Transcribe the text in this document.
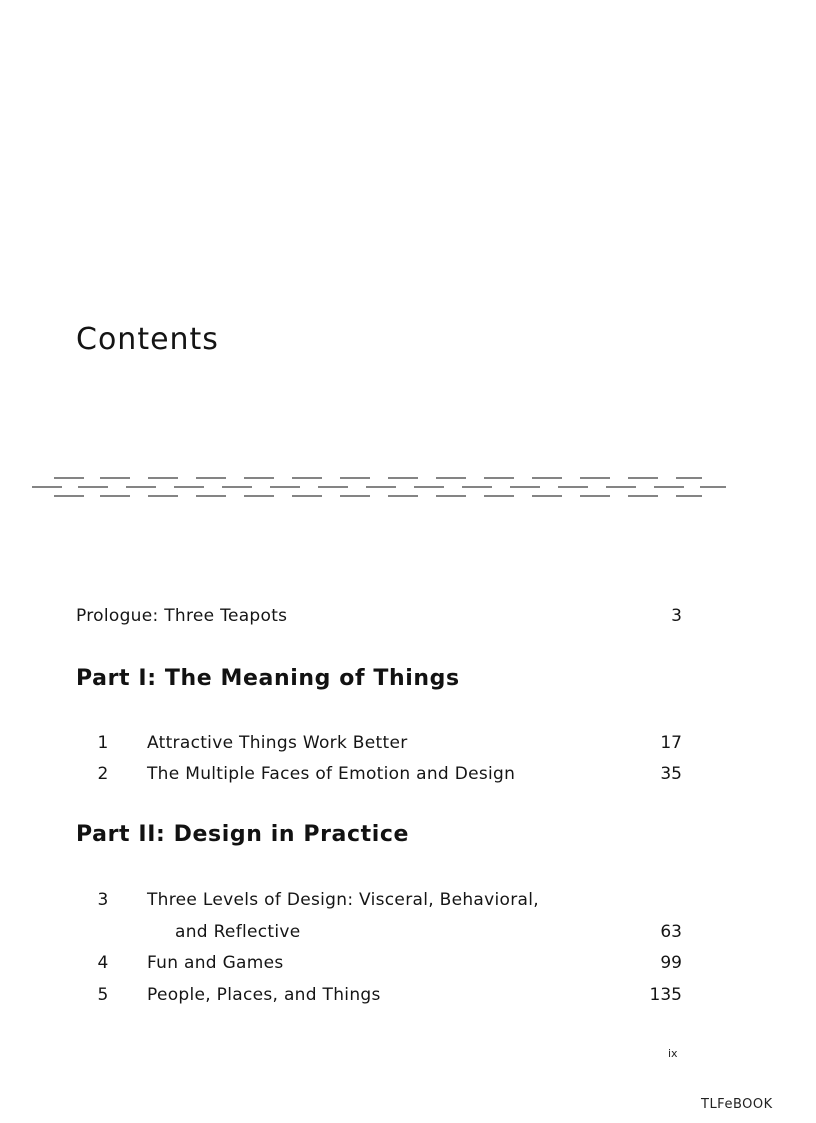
Contents
Prologue: Three Teapots	3
Part I: The Meaning of Things
1	Attractive Things Work Better	17
2	The Multiple Faces of Emotion and Design	35
Part II: Design in Practice
3	Three Levels of Design: Visceral, Behavioral,
and Reflective	63
4	Fun and Games	99
5	People, Places, and Things	135
ix
TLFeBOOK
